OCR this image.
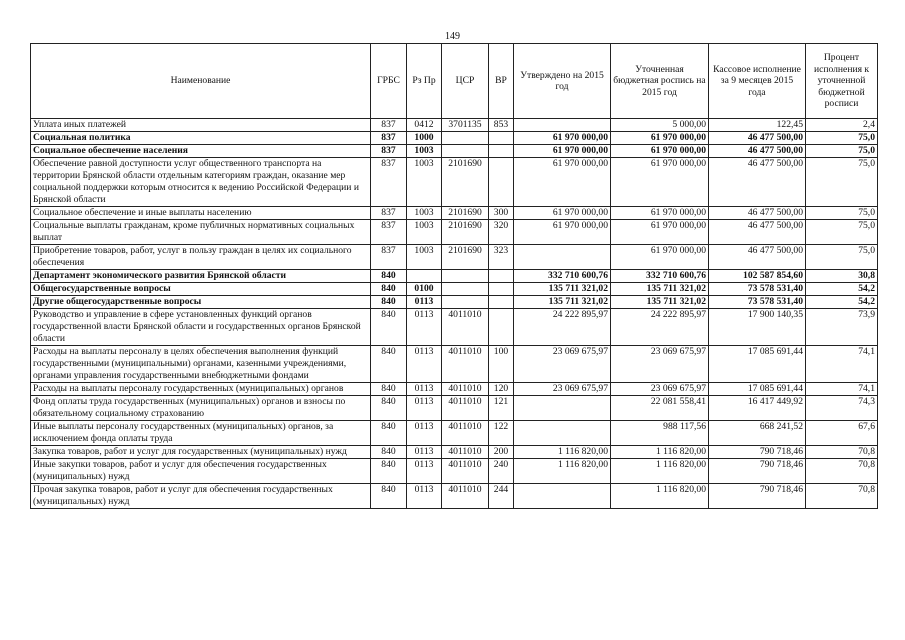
149
Наименование	ГРБС	Рз Пр	ЦСР	ВР	Утверждено на 2015 год	Уточненная бюджетная роспись на 2015 год	Кассовое исполнение за 9 месяцев 2015 года	Процент исполнения к уточненной бюджетной росписи
Уплата иных платежей	837	0412	3701135	853		5 000,00	122,45	2,4
Социальная политика	837	1000			61 970 000,00	61 970 000,00	46 477 500,00	75,0
Социальное обеспечение населения	837	1003			61 970 000,00	61 970 000,00	46 477 500,00	75,0
Обеспечение равной доступности услуг общественного транспорта на территории Брянской области отдельным категориям граждан, оказание мер социальной поддержки которым относится к ведению Российской Федерации и Брянской области	837	1003	2101690		61 970 000,00	61 970 000,00	46 477 500,00	75,0
Социальное обеспечение и иные выплаты населению	837	1003	2101690	300	61 970 000,00	61 970 000,00	46 477 500,00	75,0
Социальные выплаты гражданам, кроме публичных нормативных социальных выплат	837	1003	2101690	320	61 970 000,00	61 970 000,00	46 477 500,00	75,0
Приобретение товаров, работ, услуг в пользу граждан в целях их социального обеспечения	837	1003	2101690	323		61 970 000,00	46 477 500,00	75,0
Департамент экономического развития Брянской области	840				332 710 600,76	332 710 600,76	102 587 854,60	30,8
Общегосударственные вопросы	840	0100			135 711 321,02	135 711 321,02	73 578 531,40	54,2
Другие общегосударственные вопросы	840	0113			135 711 321,02	135 711 321,02	73 578 531,40	54,2
Руководство и управление в сфере установленных функций органов государственной власти Брянской области и государственных органов Брянской области	840	0113	4011010		24 222 895,97	24 222 895,97	17 900 140,35	73,9
Расходы на выплаты персоналу в целях обеспечения выполнения функций государственными (муниципальными) органами, казенными учреждениями, органами управления государственными внебюджетными фондами	840	0113	4011010	100	23 069 675,97	23 069 675,97	17 085 691,44	74,1
Расходы на выплаты персоналу государственных (муниципальных) органов	840	0113	4011010	120	23 069 675,97	23 069 675,97	17 085 691,44	74,1
Фонд оплаты труда государственных (муниципальных) органов и взносы по обязательному социальному страхованию	840	0113	4011010	121		22 081 558,41	16 417 449,92	74,3
Иные выплаты персоналу государственных (муниципальных) органов, за исключением фонда оплаты труда	840	0113	4011010	122		988 117,56	668 241,52	67,6
Закупка товаров, работ и услуг для государственных (муниципальных) нужд	840	0113	4011010	200	1 116 820,00	1 116 820,00	790 718,46	70,8
Иные закупки товаров, работ и услуг для обеспечения государственных (муниципальных) нужд	840	0113	4011010	240	1 116 820,00	1 116 820,00	790 718,46	70,8
Прочая закупка товаров, работ и услуг для обеспечения государственных (муниципальных) нужд	840	0113	4011010	244		1 116 820,00	790 718,46	70,8
